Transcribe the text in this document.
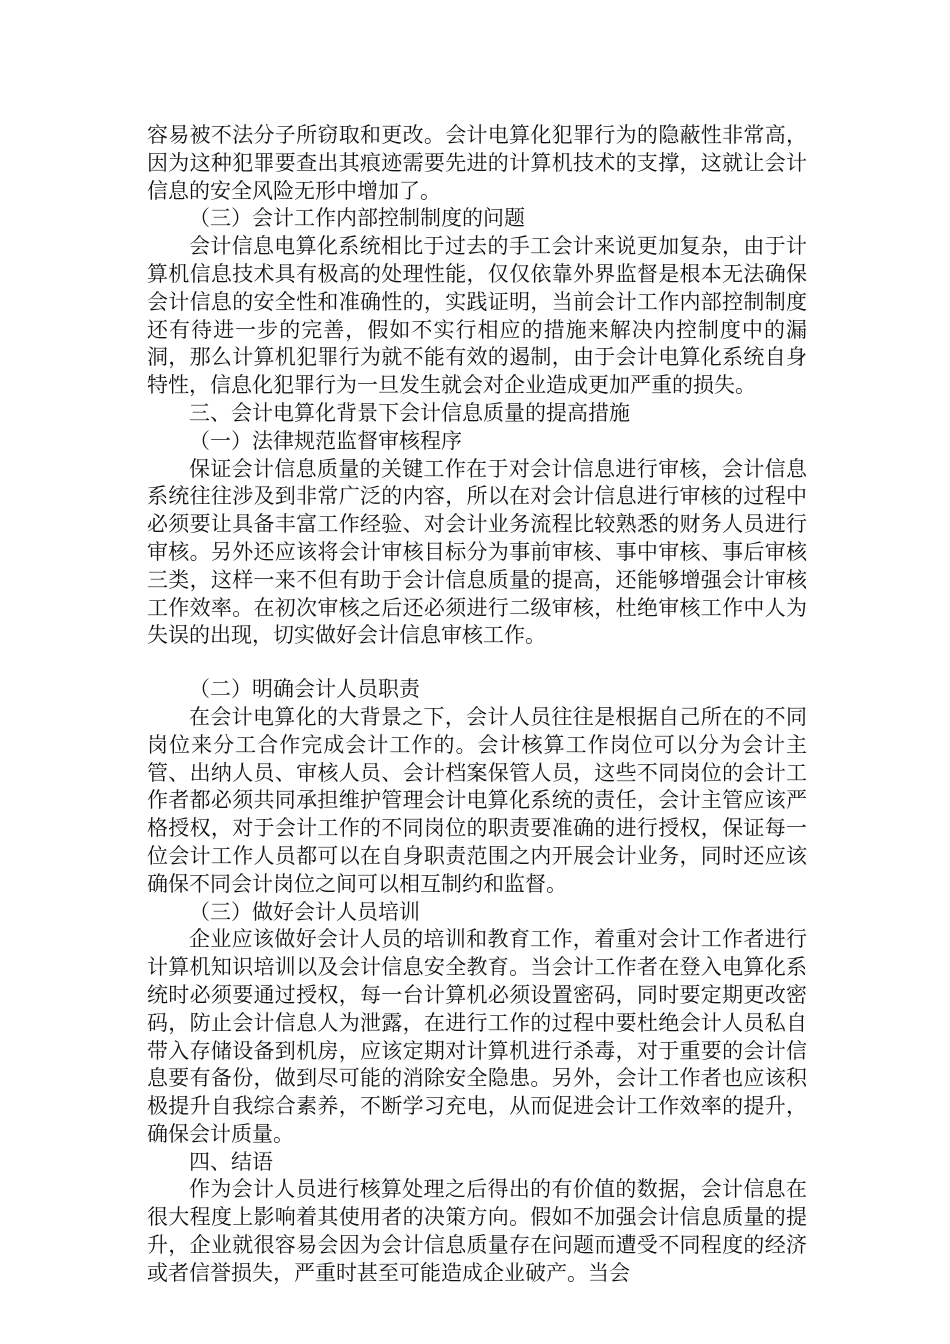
容易被不法分子所窃取和更改。会计电算化犯罪行为的隐蔽性非常高，因为这种犯罪要查出其痕迹需要先进的计算机技术的支撑，这就让会计信息的安全风险无形中增加了。

（三）会计工作内部控制制度的问题

会计信息电算化系统相比于过去的手工会计来说更加复杂，由于计算机信息技术具有极高的处理性能，仅仅依靠外界监督是根本无法确保会计信息的安全性和准确性的，实践证明，当前会计工作内部控制制度还有待进一步的完善，假如不实行相应的措施来解决内控制度中的漏洞，那么计算机犯罪行为就不能有效的遏制，由于会计电算化系统自身特性，信息化犯罪行为一旦发生就会对企业造成更加严重的损失。

三、会计电算化背景下会计信息质量的提高措施

（一）法律规范监督审核程序

保证会计信息质量的关键工作在于对会计信息进行审核，会计信息系统往往涉及到非常广泛的内容，所以在对会计信息进行审核的过程中必须要让具备丰富工作经验、对会计业务流程比较熟悉的财务人员进行审核。另外还应该将会计审核目标分为事前审核、事中审核、事后审核三类，这样一来不但有助于会计信息质量的提高，还能够增强会计审核工作效率。在初次审核之后还必须进行二级审核，杜绝审核工作中人为失误的出现，切实做好会计信息审核工作。

（二）明确会计人员职责

在会计电算化的大背景之下，会计人员往往是根据自己所在的不同岗位来分工合作完成会计工作的。会计核算工作岗位可以分为会计主管、出纳人员、审核人员、会计档案保管人员，这些不同岗位的会计工作者都必须共同承担维护管理会计电算化系统的责任，会计主管应该严格授权，对于会计工作的不同岗位的职责要准确的进行授权，保证每一位会计工作人员都可以在自身职责范围之内开展会计业务，同时还应该确保不同会计岗位之间可以相互制约和监督。

（三）做好会计人员培训

企业应该做好会计人员的培训和教育工作，着重对会计工作者进行计算机知识培训以及会计信息安全教育。当会计工作者在登入电算化系统时必须要通过授权，每一台计算机必须设置密码，同时要定期更改密码，防止会计信息人为泄露，在进行工作的过程中要杜绝会计人员私自带入存储设备到机房，应该定期对计算机进行杀毒，对于重要的会计信息要有备份，做到尽可能的消除安全隐患。另外，会计工作者也应该积极提升自我综合素养，不断学习充电，从而促进会计工作效率的提升，确保会计质量。

四、结语

作为会计人员进行核算处理之后得出的有价值的数据，会计信息在很大程度上影响着其使用者的决策方向。假如不加强会计信息质量的提升，企业就很容易会因为会计信息质量存在问题而遭受不同程度的经济或者信誉损失，严重时甚至可能造成企业破产。当会
